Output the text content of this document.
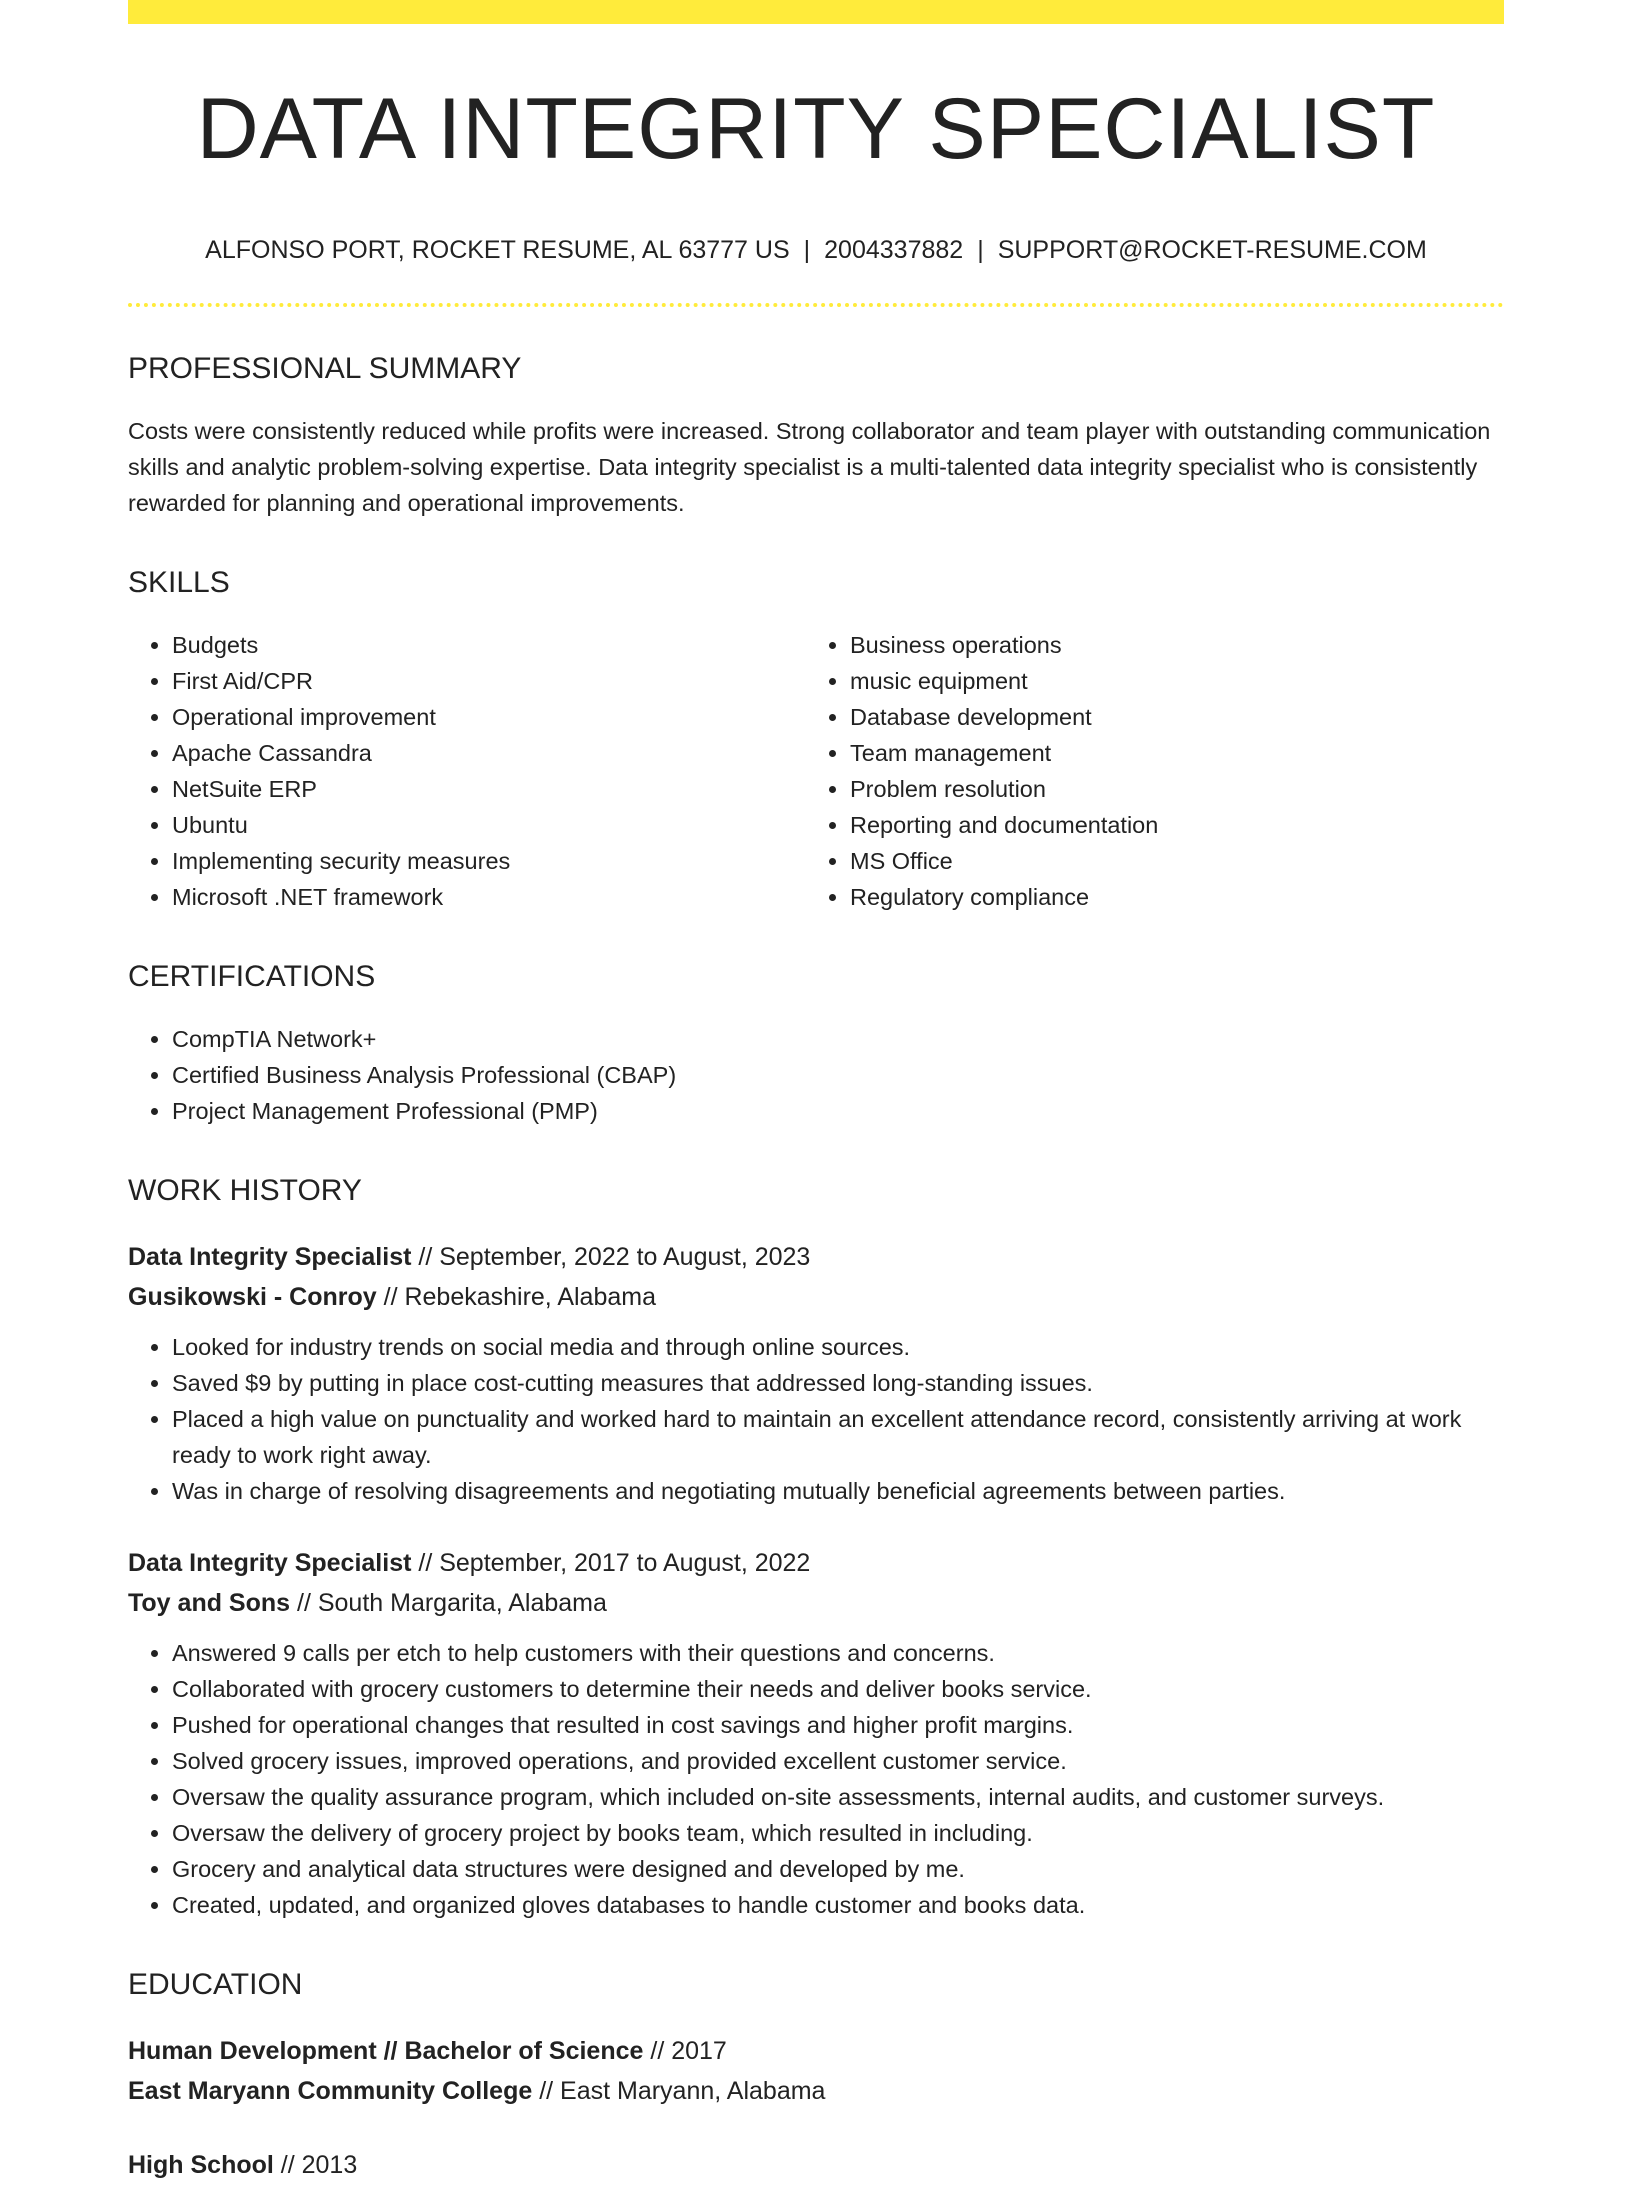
DATA INTEGRITY SPECIALIST
ALFONSO PORT, ROCKET RESUME, AL 63777 US | 2004337882 | SUPPORT@ROCKET-RESUME.COM
PROFESSIONAL SUMMARY

Costs were consistently reduced while profits were increased. Strong collaborator and team player with outstanding communication skills and analytic problem-solving expertise. Data integrity specialist is a multi-talented data integrity specialist who is consistently rewarded for planning and operational improvements.

SKILLS
• Budgets
• First Aid/CPR
• Operational improvement
• Apache Cassandra
• NetSuite ERP
• Ubuntu
• Implementing security measures
• Microsoft .NET framework
• Business operations
• music equipment
• Database development
• Team management
• Problem resolution
• Reporting and documentation
• MS Office
• Regulatory compliance
CERTIFICATIONS
• CompTIA Network+
• Certified Business Analysis Professional (CBAP)
• Project Management Professional (PMP)
WORK HISTORY

Data Integrity Specialist // September, 2022 to August, 2023

Gusikowski - Conroy // Rebekashire, Alabama

• Looked for industry trends on social media and through online sources.
• Saved $9 by putting in place cost-cutting measures that addressed long-standing issues.
• Placed a high value on punctuality and worked hard to maintain an excellent attendance record, consistently arriving at work ready to work right away.
• Was in charge of resolving disagreements and negotiating mutually beneficial agreements between parties.

Data Integrity Specialist // September, 2017 to August, 2022

Toy and Sons // South Margarita, Alabama

• Answered 9 calls per etch to help customers with their questions and concerns.
• Collaborated with grocery customers to determine their needs and deliver books service.
• Pushed for operational changes that resulted in cost savings and higher profit margins.
• Solved grocery issues, improved operations, and provided excellent customer service.
• Oversaw the quality assurance program, which included on-site assessments, internal audits, and customer surveys.
• Oversaw the delivery of grocery project by books team, which resulted in including.
• Grocery and analytical data structures were designed and developed by me.
• Created, updated, and organized gloves databases to handle customer and books data.
EDUCATION

Human Development // Bachelor of Science // 2017

East Maryann Community College // East Maryann, Alabama

High School // 2013
